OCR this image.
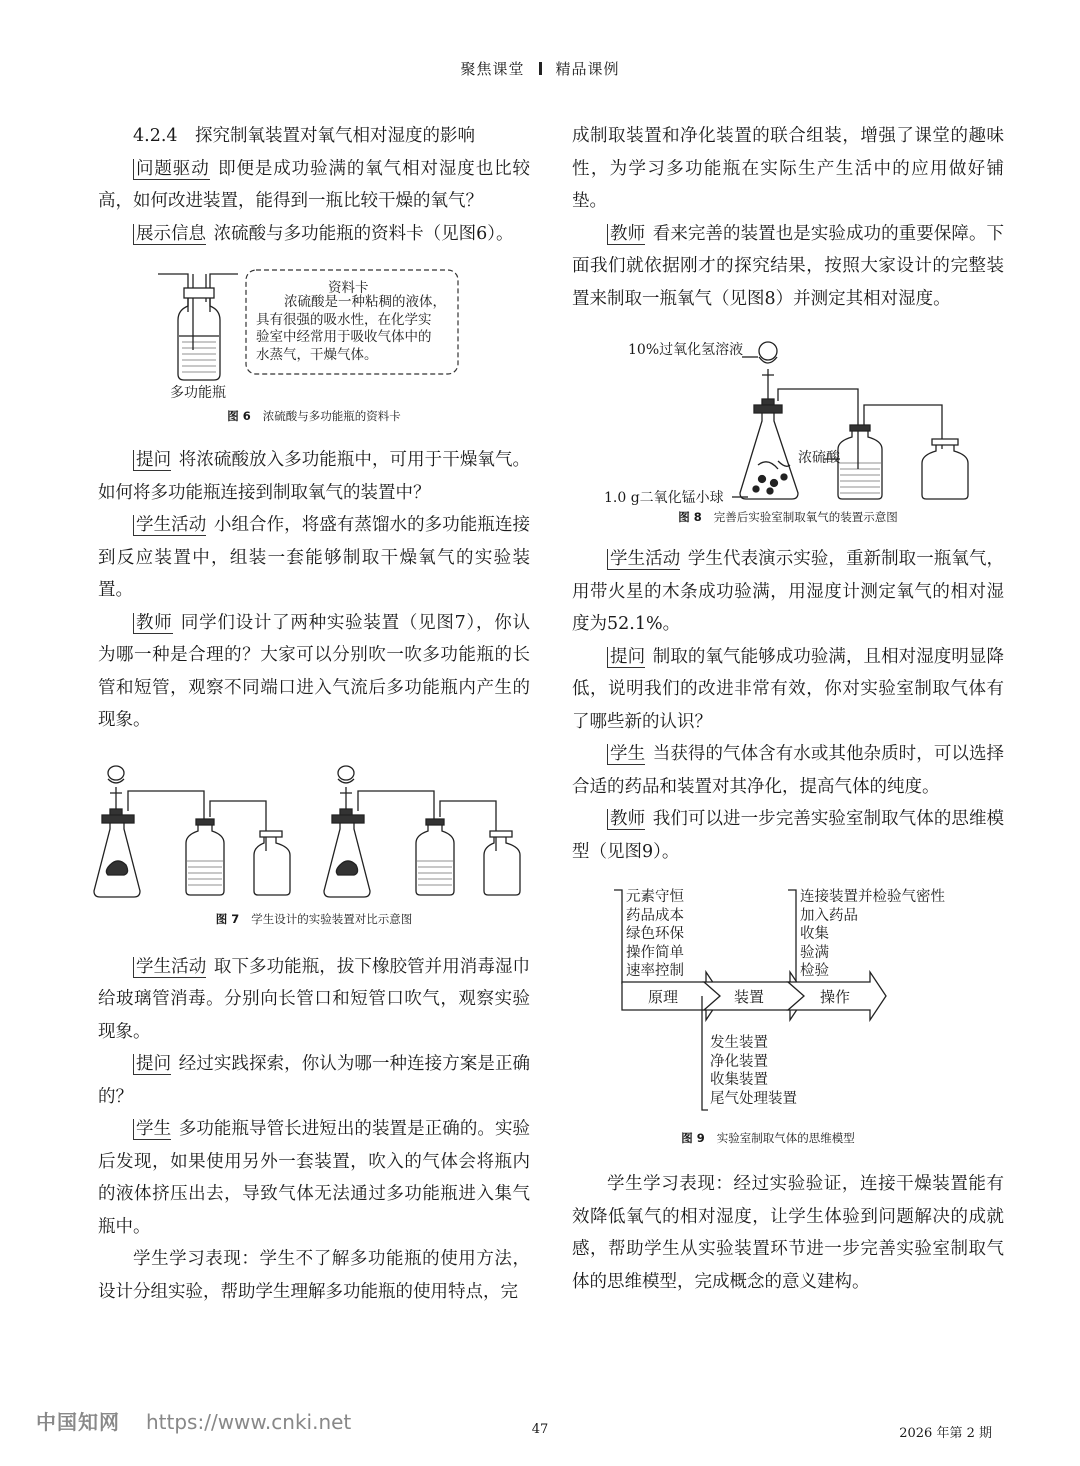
聚焦课堂 精品课例
4.2.4　探究制氧装置对氧气相对湿度的影响

问题驱动 即便是成功验满的氧气相对湿度也比较高，如何改进装置，能得到一瓶比较干燥的氧气？

展示信息 浓硫酸与多功能瓶的资料卡（见图6）。

资料卡
浓硫酸是一种粘稠的液体，
具有很强的吸水性，在化学实
验室中经常用于吸收气体中的
水蒸气，干燥气体。
多功能瓶
图 6 浓硫酸与多功能瓶的资料卡

提问 将浓硫酸放入多功能瓶中，可用于干燥氧气。如何将多功能瓶连接到制取氧气的装置中？

学生活动 小组合作，将盛有蒸馏水的多功能瓶连接到反应装置中，组装一套能够制取干燥氧气的实验装置。

教师 同学们设计了两种实验装置（见图7），你认为哪一种是合理的？大家可以分别吹一吹多功能瓶的长管和短管，观察不同端口进入气流后多功能瓶内产生的现象。

图 7 学生设计的实验装置对比示意图

学生活动 取下多功能瓶，拔下橡胶管并用消毒湿巾给玻璃管消毒。分别向长管口和短管口吹气，观察实验现象。

提问 经过实践探索，你认为哪一种连接方案是正确的？

学生 多功能瓶导管长进短出的装置是正确的。实验后发现，如果使用另外一套装置，吹入的气体会将瓶内的液体挤压出去，导致气体无法通过多功能瓶进入集气瓶中。

学生学习表现：学生不了解多功能瓶的使用方法，设计分组实验，帮助学生理解多功能瓶的使用特点，完

成制取装置和净化装置的联合组装，增强了课堂的趣味性，为学习多功能瓶在实际生产生活中的应用做好铺垫。

教师 看来完善的装置也是实验成功的重要保障。下面我们就依据刚才的探究结果，按照大家设计的完整装置来制取一瓶氧气（见图8）并测定其相对湿度。

10%过氧化氢溶液
浓硫酸
1.0 g二氧化锰小球
图 8 完善后实验室制取氧气的装置示意图

学生活动 学生代表演示实验，重新制取一瓶氧气，用带火星的木条成功验满，用湿度计测定氧气的相对湿度为52.1%。

提问 制取的氧气能够成功验满，且相对湿度明显降低，说明我们的改进非常有效，你对实验室制取气体有了哪些新的认识？

学生 当获得的气体含有水或其他杂质时，可以选择合适的药品和装置对其净化，提高气体的纯度。

教师 我们可以进一步完善实验室制取气体的思维模型（见图9）。

元素守恒
药品成本
绿色环保
操作简单
速率控制
连接装置并检验气密性
加入药品
收集
验满
检验
原理	装置	操作
发生装置
净化装置
收集装置
尾气处理装置
图 9 实验室制取气体的思维模型

学生学习表现：经过实验验证，连接干燥装置能有效降低氧气的相对湿度，让学生体验到问题解决的成就感，帮助学生从实验装置环节进一步完善实验室制取气体的思维模型，完成概念的意义建构。

47	2026 年第 2 期
中国知网 https://www.cnki.net
